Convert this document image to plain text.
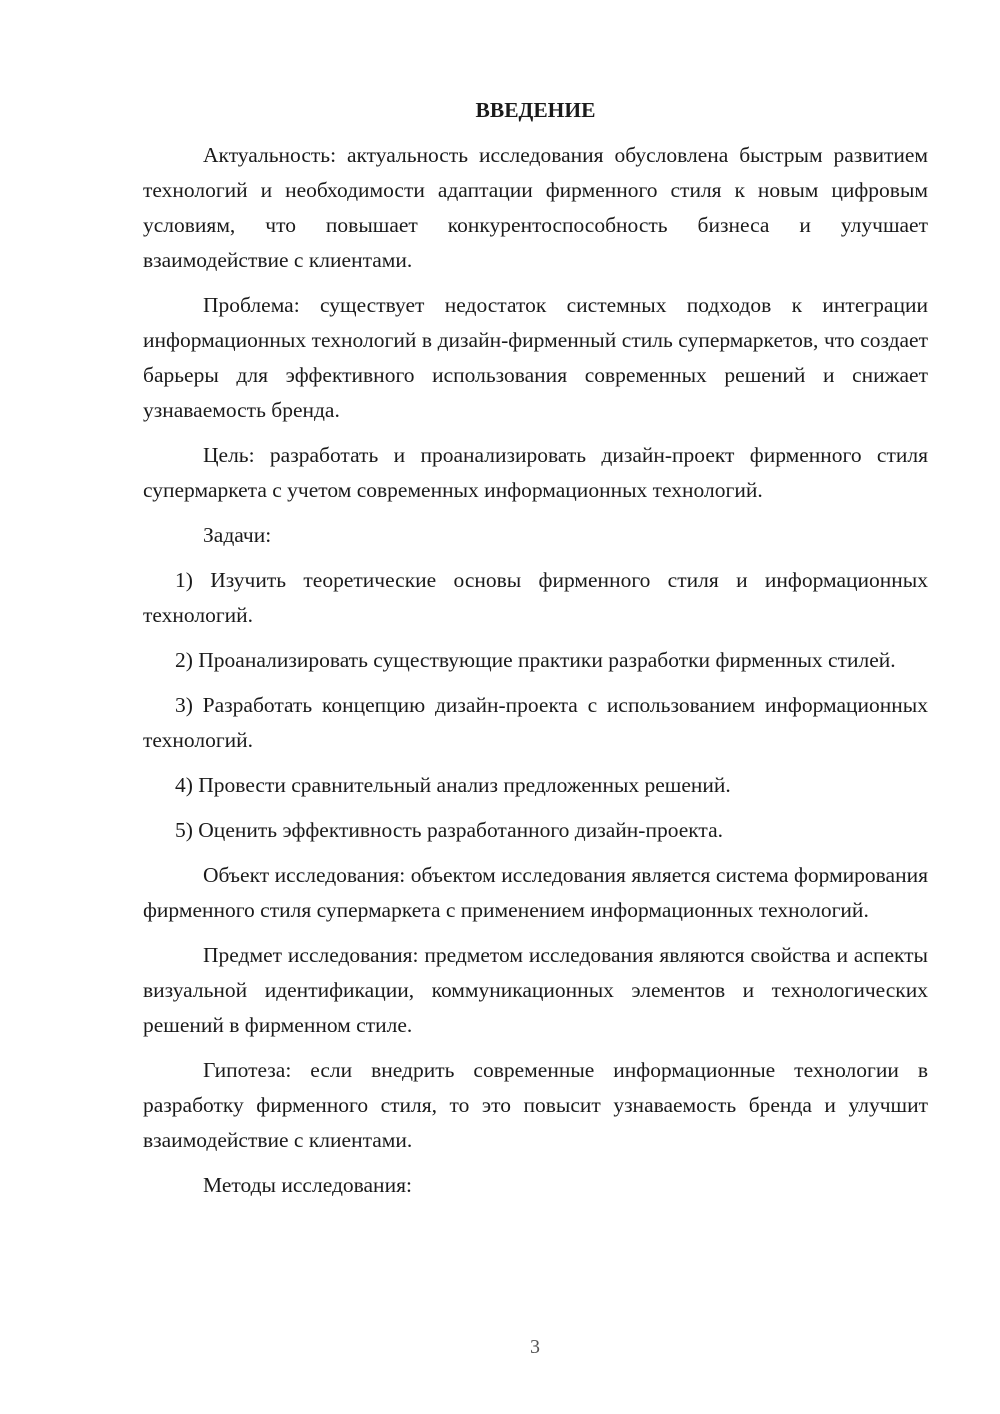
ВВЕДЕНИЕ

Актуальность: актуальность исследования обусловлена быстрым развитием технологий и необходимости адаптации фирменного стиля к новым цифровым условиям, что повышает конкурентоспособность бизнеса и улучшает взаимодействие с клиентами.

Проблема: существует недостаток системных подходов к интеграции информационных технологий в дизайн-фирменный стиль супермаркетов, что создает барьеры для эффективного использования современных решений и снижает узнаваемость бренда.

Цель: разработать и проанализировать дизайн-проект фирменного стиля супермаркета с учетом современных информационных технологий.

Задачи:

1) Изучить теоретические основы фирменного стиля и информационных технологий.

2) Проанализировать существующие практики разработки фирменных стилей.

3) Разработать концепцию дизайн-проекта с использованием информационных технологий.

4) Провести сравнительный анализ предложенных решений.

5) Оценить эффективность разработанного дизайн-проекта.

Объект исследования: объектом исследования является система формирования фирменного стиля супермаркета с применением информационных технологий.

Предмет исследования: предметом исследования являются свойства и аспекты визуальной идентификации, коммуникационных элементов и технологических решений в фирменном стиле.

Гипотеза: если внедрить современные информационные технологии в разработку фирменного стиля, то это повысит узнаваемость бренда и улучшит взаимодействие с клиентами.

Методы исследования:

3
